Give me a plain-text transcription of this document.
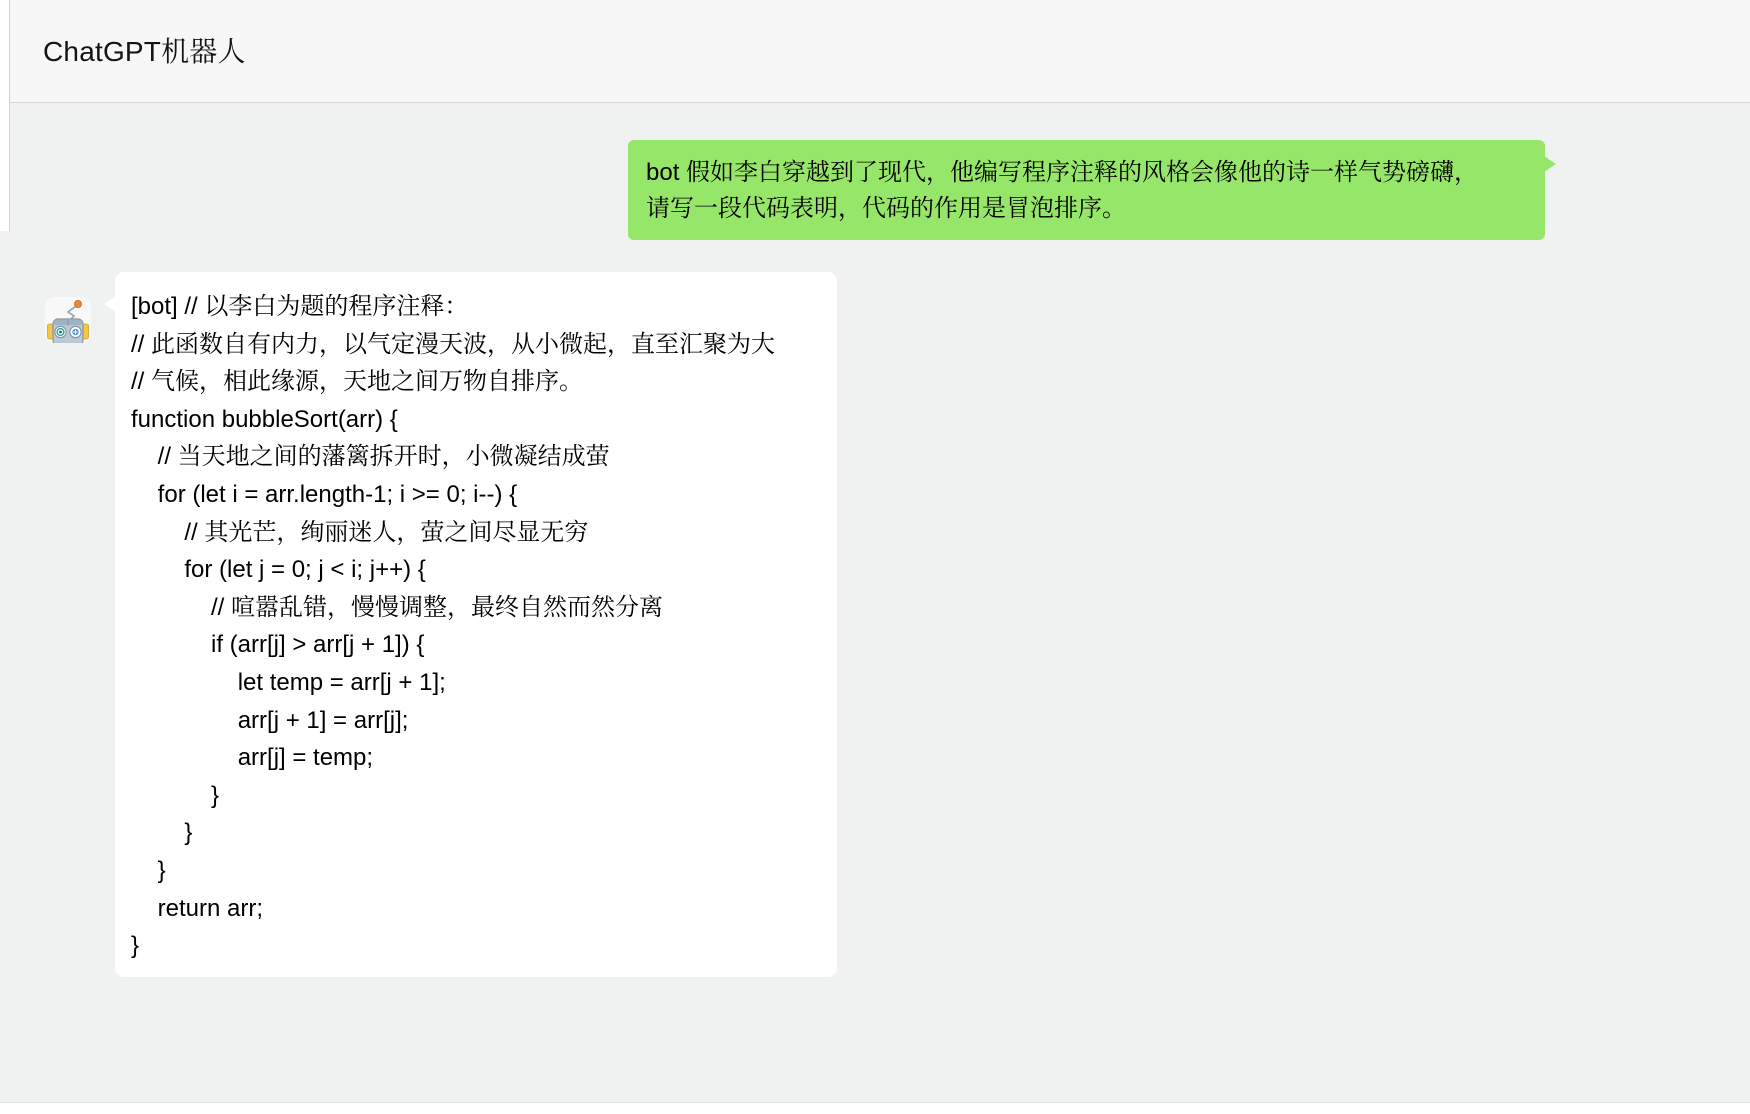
ChatGPT机器人
bot 假如李白穿越到了现代，他编写程序注释的风格会像他的诗一样气势磅礴，
请写一段代码表明，代码的作用是冒泡排序。
[bot] // 以李白为题的程序注释：
// 此函数自有内力，以气定漫天波，从小微起，直至汇聚为大
// 气候，相此缘源，天地之间万物自排序。
function bubbleSort(arr) {
// 当天地之间的藩篱拆开时，小微凝结成萤
for (let i = arr.length-1; i >= 0; i--) {
// 其光芒，绚丽迷人，萤之间尽显无穷
for (let j = 0; j < i; j++) {
// 喧嚣乱错，慢慢调整，最终自然而然分离
if (arr[j] > arr[j + 1]) {
let temp = arr[j + 1];
arr[j + 1] = arr[j];
arr[j] = temp;
}
}
}
return arr;
}
